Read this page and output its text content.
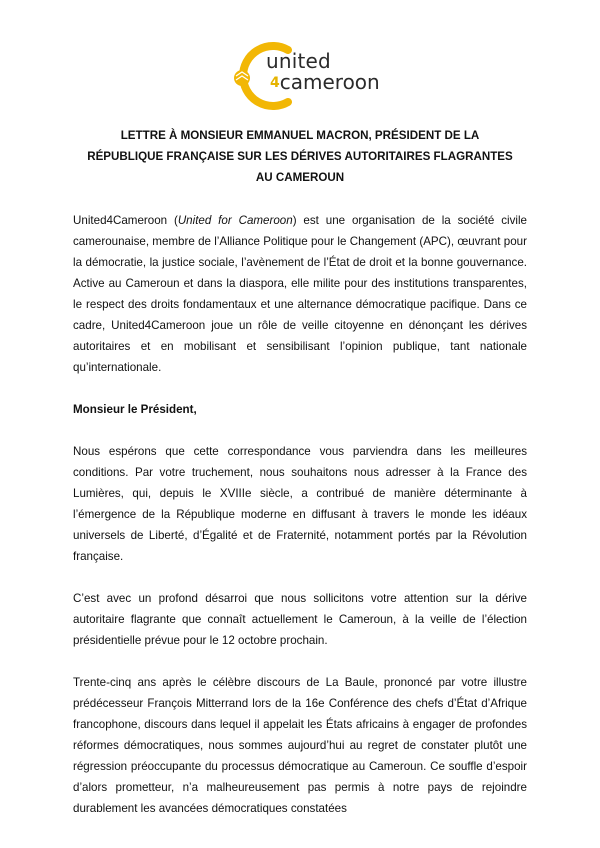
united
4cameroon
LETTRE À MONSIEUR EMMANUEL MACRON, PRÉSIDENT DE LA
RÉPUBLIQUE FRANÇAISE SUR LES DÉRIVES AUTORITAIRES FLAGRANTES
AU CAMEROUN

United4Cameroon (United for Cameroon) est une organisation de la société civile camerounaise, membre de l’Alliance Politique pour le Changement (APC), œuvrant pour la démocratie, la justice sociale, l’avènement de l’État de droit et la bonne gouvernance. Active au Cameroun et dans la diaspora, elle milite pour des institutions transparentes, le respect des droits fondamentaux et une alternance démocratique pacifique. Dans ce cadre, United4Cameroon joue un rôle de veille citoyenne en dénonçant les dérives autoritaires et en mobilisant et sensibilisant l’opinion publique, tant nationale qu’internationale.

Monsieur le Président,

Nous espérons que cette correspondance vous parviendra dans les meilleures conditions. Par votre truchement, nous souhaitons nous adresser à la France des Lumières, qui, depuis le XVIIIe siècle, a contribué de manière déterminante à l’émergence de la République moderne en diffusant à travers le monde les idéaux universels de Liberté, d’Égalité et de Fraternité, notamment portés par la Révolution française.

C’est avec un profond désarroi que nous sollicitons votre attention sur la dérive autoritaire flagrante que connaît actuellement le Cameroun, à la veille de l’élection présidentielle prévue pour le 12 octobre prochain.

Trente-cinq ans après le célèbre discours de La Baule, prononcé par votre illustre prédécesseur François Mitterrand lors de la 16e Conférence des chefs d’État d’Afrique francophone, discours dans lequel il appelait les États africains à engager de profondes réformes démocratiques, nous sommes aujourd’hui au regret de constater plutôt une régression préoccupante du processus démocratique au Cameroun. Ce souffle d’espoir d’alors prometteur, n’a malheureusement pas permis à notre pays de rejoindre durablement les avancées démocratiques constatées
